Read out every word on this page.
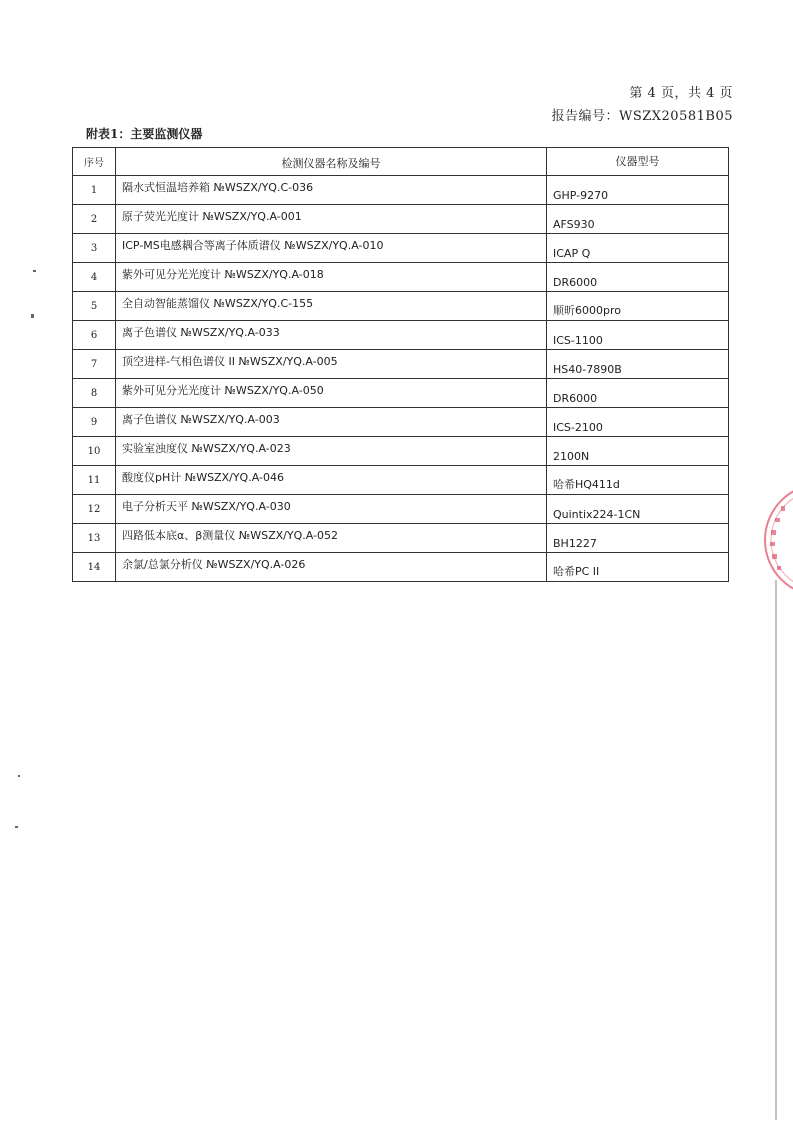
第 4 页，共 4 页
报告编号：WSZX20581B05
附表1：主要监测仪器
序号	检测仪器名称及编号	仪器型号
1	隔水式恒温培养箱 №WSZX/YQ.C-036	GHP-9270
2	原子荧光光度计 №WSZX/YQ.A-001	AFS930
3	ICP-MS电感耦合等离子体质谱仪 №WSZX/YQ.A-010	ICAP Q
4	紫外可见分光光度计 №WSZX/YQ.A-018	DR6000
5	全自动智能蒸馏仪 №WSZX/YQ.C-155	顺昕6000pro
6	离子色谱仪 №WSZX/YQ.A-033	ICS-1100
7	顶空进样-气相色谱仪 II №WSZX/YQ.A-005	HS40-7890B
8	紫外可见分光光度计 №WSZX/YQ.A-050	DR6000
9	离子色谱仪 №WSZX/YQ.A-003	ICS-2100
10	实验室浊度仪 №WSZX/YQ.A-023	2100N
11	酸度仪pH计 №WSZX/YQ.A-046	哈希HQ411d
12	电子分析天平 №WSZX/YQ.A-030	Quintix224-1CN
13	四路低本底α、β测量仪 №WSZX/YQ.A-052	BH1227
14	余氯/总氯分析仪 №WSZX/YQ.A-026	哈希PC II
